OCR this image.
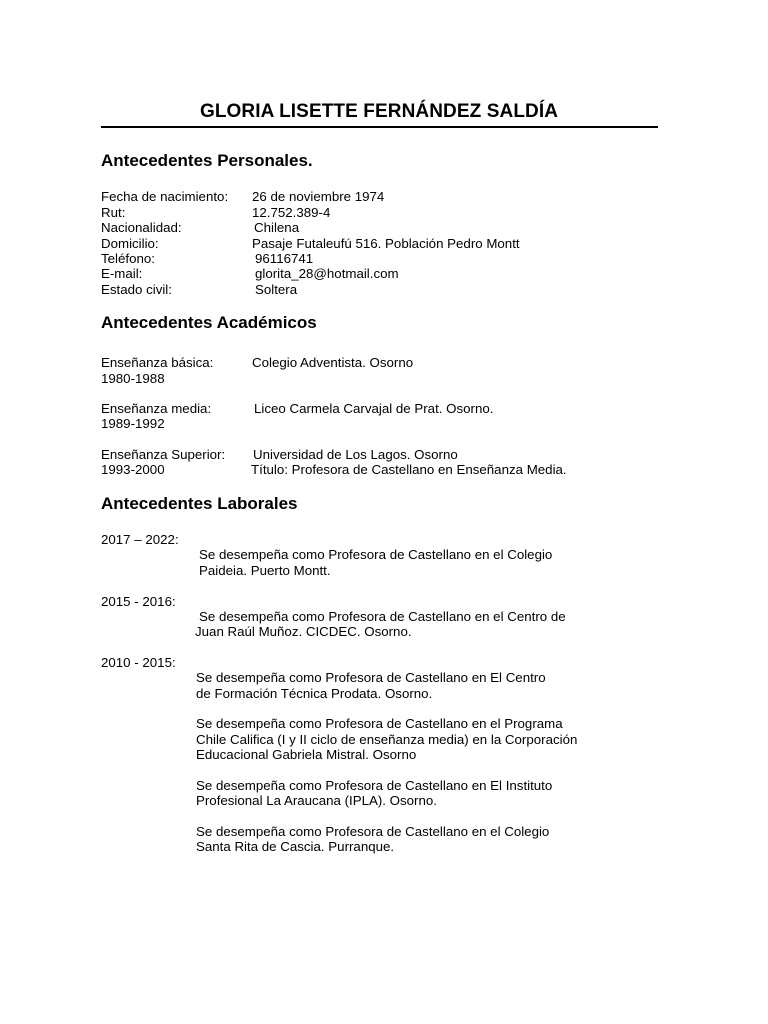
GLORIA LISETTE FERNÁNDEZ SALDÍA
Antecedentes Personales.

Fecha de nacimiento: 26 de noviembre 1974

Rut:	12.752.389-4

Nacionalidad:	Chilena

Domicilio:	Pasaje Futaleufú 516. Población Pedro Montt

Teléfono:	96116741

E-mail:	glorita_28@hotmail.com

Estado civil:	Soltera

Antecedentes Académicos

Enseñanza básica:	Colegio Adventista. Osorno

1980-1988

Enseñanza media:	Liceo Carmela Carvajal de Prat. Osorno.

1989-1992

Enseñanza Superior: Universidad de Los Lagos. Osorno

1993-2000	Título: Profesora de Castellano en Enseñanza Media.

Antecedentes Laborales

2017 – 2022:

Se desempeña como Profesora de Castellano en el Colegio

Paideia. Puerto Montt.

2015 - 2016:

Se desempeña como Profesora de Castellano en el Centro de

Juan Raúl Muñoz. CICDEC. Osorno.

2010 - 2015:

Se desempeña como Profesora de Castellano en El Centro

de Formación Técnica Prodata. Osorno.

Se desempeña como Profesora de Castellano en el Programa

Chile Califica (I y II ciclo de enseñanza media) en la Corporación

Educacional Gabriela Mistral. Osorno

Se desempeña como Profesora de Castellano en El Instituto

Profesional La Araucana (IPLA). Osorno.

Se desempeña como Profesora de Castellano en el Colegio

Santa Rita de Cascia. Purranque.
